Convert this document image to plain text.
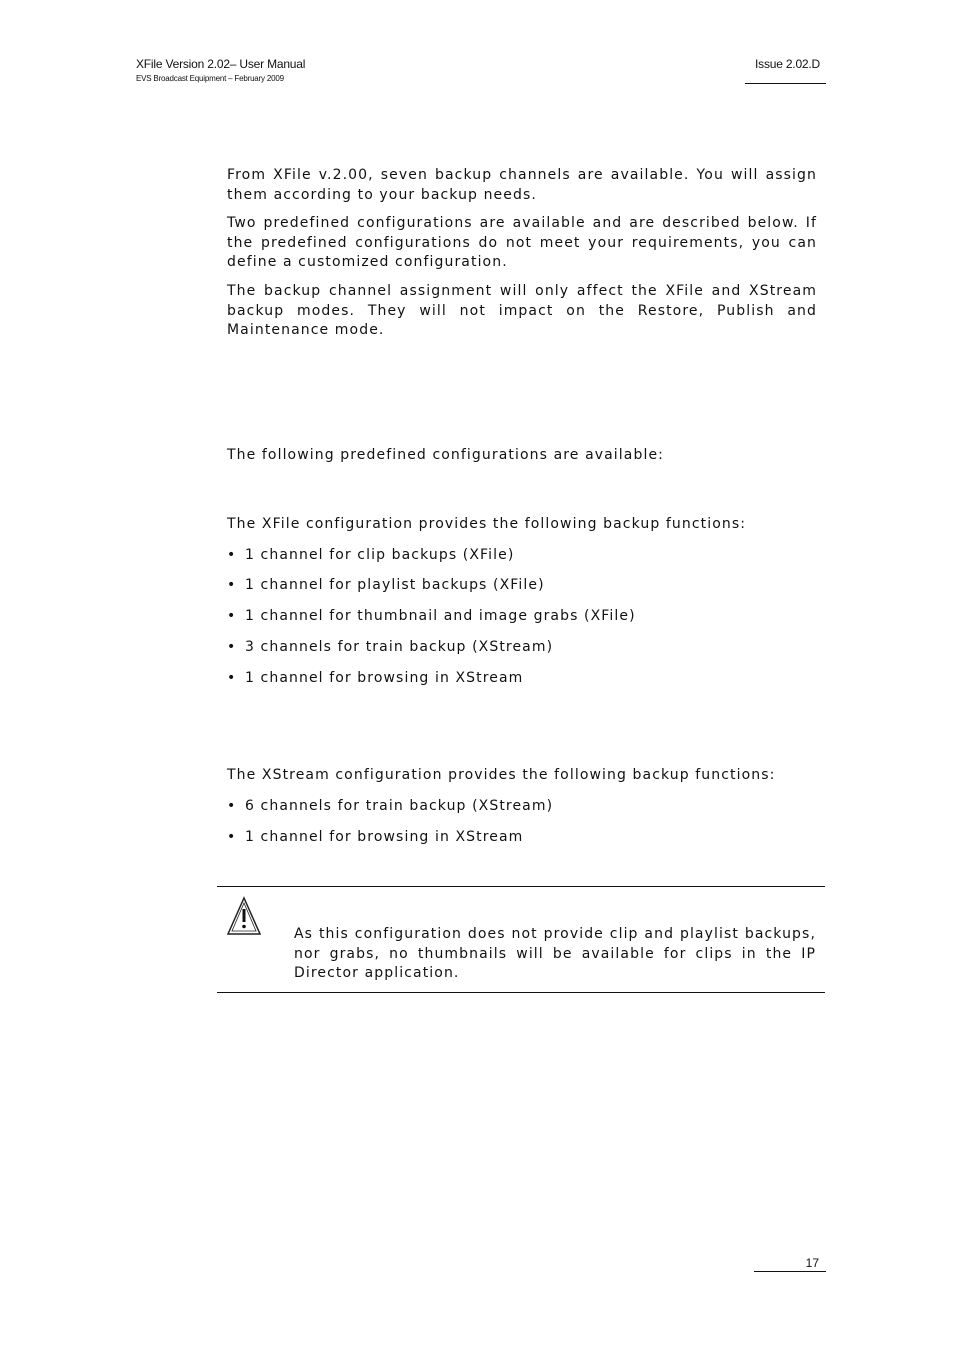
XFile Version 2.02– User Manual
EVS Broadcast Equipment – February 2009
Issue 2.02.D
From XFile v.2.00, seven backup channels are available. You will assign them according to your backup needs.
Two predefined configurations are available and are described below. If the predefined configurations do not meet your requirements, you can define a customized configuration.
The backup channel assignment will only affect the XFile and XStream backup modes. They will not impact on the Restore, Publish and Maintenance mode.
The following predefined configurations are available:
The XFile configuration provides the following backup functions:
• 1 channel for clip backups (XFile)
• 1 channel for playlist backups (XFile)
• 1 channel for thumbnail and image grabs (XFile)
• 3 channels for train backup (XStream)
• 1 channel for browsing in XStream
The XStream configuration provides the following backup functions:
• 6 channels for train backup (XStream)
• 1 channel for browsing in XStream
As this configuration does not provide clip and playlist backups, nor grabs, no thumbnails will be available for clips in the IP Director application.
17
